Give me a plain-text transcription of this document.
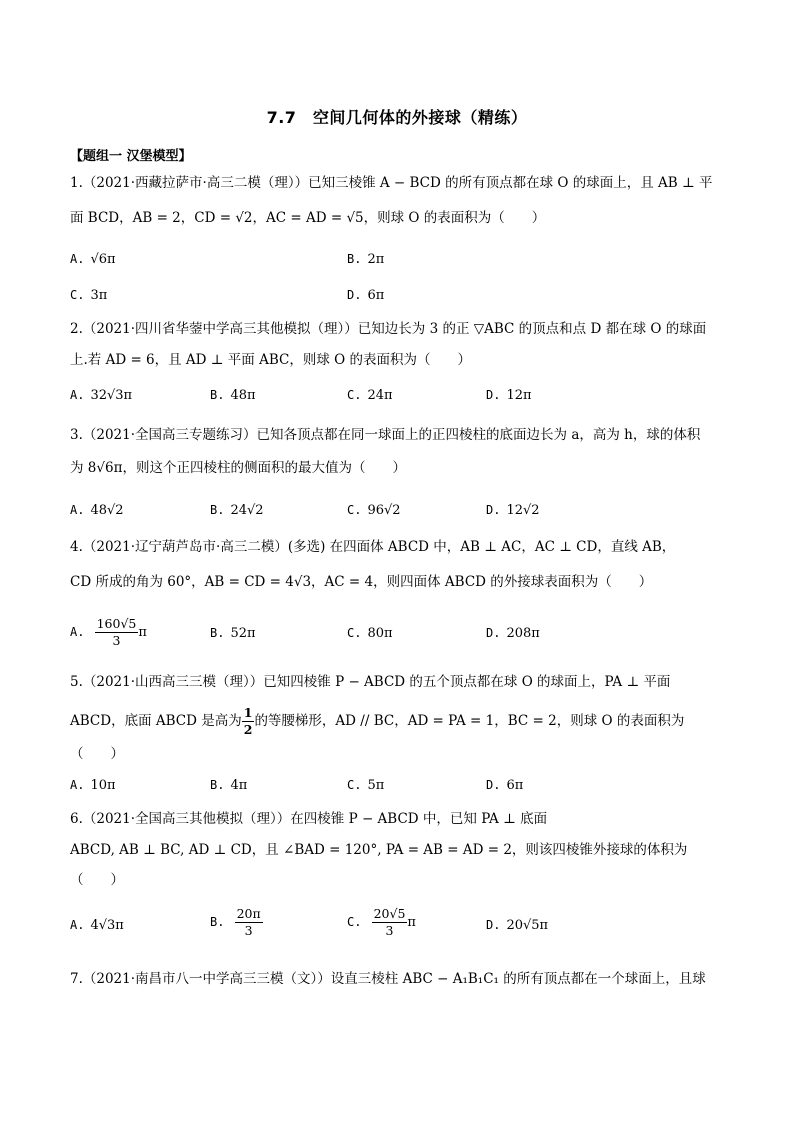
7.7　空间几何体的外接球（精练）
【题组一 汉堡模型】
1.（2021·西藏拉萨市·高三二模（理））已知三棱锥 A − BCD 的所有顶点都在球 O 的球面上，且 AB ⊥ 平
面 BCD，AB = 2，CD = √2，AC = AD = √5，则球 O 的表面积为（　　）
A. √6π	B. 2π
C. 3π	D. 6π
2.（2021·四川省华蓥中学高三其他模拟（理））已知边长为 3 的正 ▽ABC 的顶点和点 D 都在球 O 的球面
上.若 AD = 6，且 AD ⊥ 平面 ABC，则球 O 的表面积为（　　）
A. 32√3π	B. 48π	C. 24π	D. 12π
3.（2021·全国高三专题练习）已知各顶点都在同一球面上的正四棱柱的底面边长为 a，高为 h，球的体积
为 8√6π，则这个正四棱柱的侧面积的最大值为（　　）
A. 48√2	B. 24√2	C. 96√2	D. 12√2
4.（2021·辽宁葫芦岛市·高三二模）(多选) 在四面体 ABCD 中，AB ⊥ AC，AC ⊥ CD，直线 AB，
CD 所成的角为 60°，AB = CD = 4√3，AC = 4，则四面体 ABCD 的外接球表面积为（　　）
A. $\frac{160√5}{3}$ π	B. 52π	C. 80π	D. 208π
5.（2021·山西高三三模（理））已知四棱锥 P − ABCD 的五个顶点都在球 O 的球面上，PA ⊥ 平面
ABCD，底面 ABCD 是高为 $\frac{1}{2}$ 的等腰梯形，AD // BC，AD = PA = 1，BC = 2，则球 O 的表面积为
（　　）
A. 10π	B. 4π	C. 5π	D. 6π
6.（2021·全国高三其他模拟（理））在四棱锥 P − ABCD 中，已知 PA ⊥ 底面
ABCD, AB ⊥ BC, AD ⊥ CD，且 ∠BAD = 120°, PA = AB = AD = 2，则该四棱锥外接球的体积为
（　　）
A. 4√3π	B. $\frac{20\pi}{3}$	C. $\frac{20√5}{3}$ π	D. 20√5π
7.（2021·南昌市八一中学高三三模（文））设直三棱柱 ABC − A₁B₁C₁ 的所有顶点都在一个球面上，且球
